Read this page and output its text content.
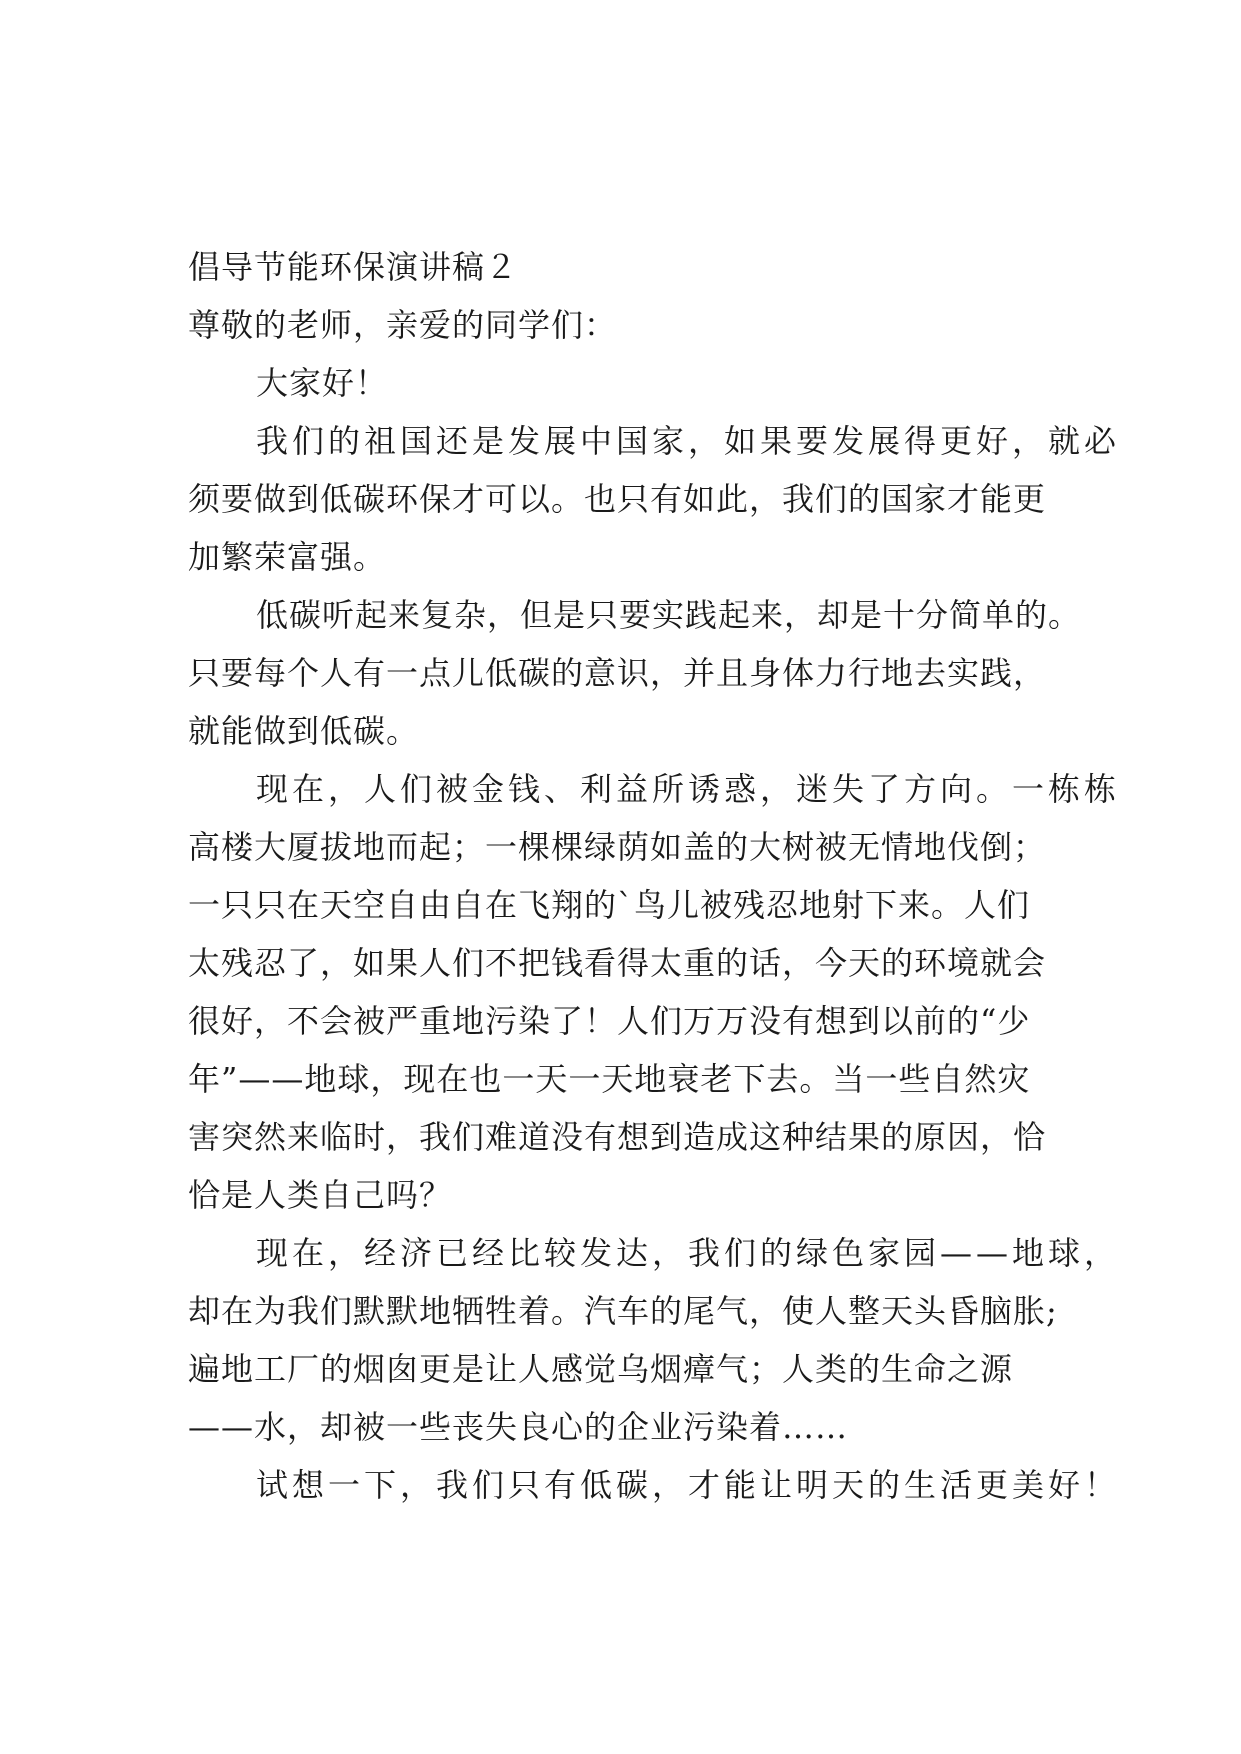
倡导节能环保演讲稿２
尊敬的老师，亲爱的同学们：
大家好！
我们的祖国还是发展中国家，如果要发展得更好，就必
须要做到低碳环保才可以。也只有如此，我们的国家才能更
加繁荣富强。
低碳听起来复杂，但是只要实践起来，却是十分简单的。
只要每个人有一点儿低碳的意识，并且身体力行地去实践，
就能做到低碳。
现在，人们被金钱、利益所诱惑，迷失了方向。一栋栋
高楼大厦拔地而起；一棵棵绿荫如盖的大树被无情地伐倒；
一只只在天空自由自在飞翔的`鸟儿被残忍地射下来。人们
太残忍了，如果人们不把钱看得太重的话，今天的环境就会
很好，不会被严重地污染了！人们万万没有想到以前的“少
年”——地球，现在也一天一天地衰老下去。当一些自然灾
害突然来临时，我们难道没有想到造成这种结果的原因，恰
恰是人类自己吗？
现在，经济已经比较发达，我们的绿色家园——地球，
却在为我们默默地牺牲着。汽车的尾气，使人整天头昏脑胀;
遍地工厂的烟囱更是让人感觉乌烟瘴气；人类的生命之源
——水，却被一些丧失良心的企业污染着……
试想一下，我们只有低碳，才能让明天的生活更美好！
